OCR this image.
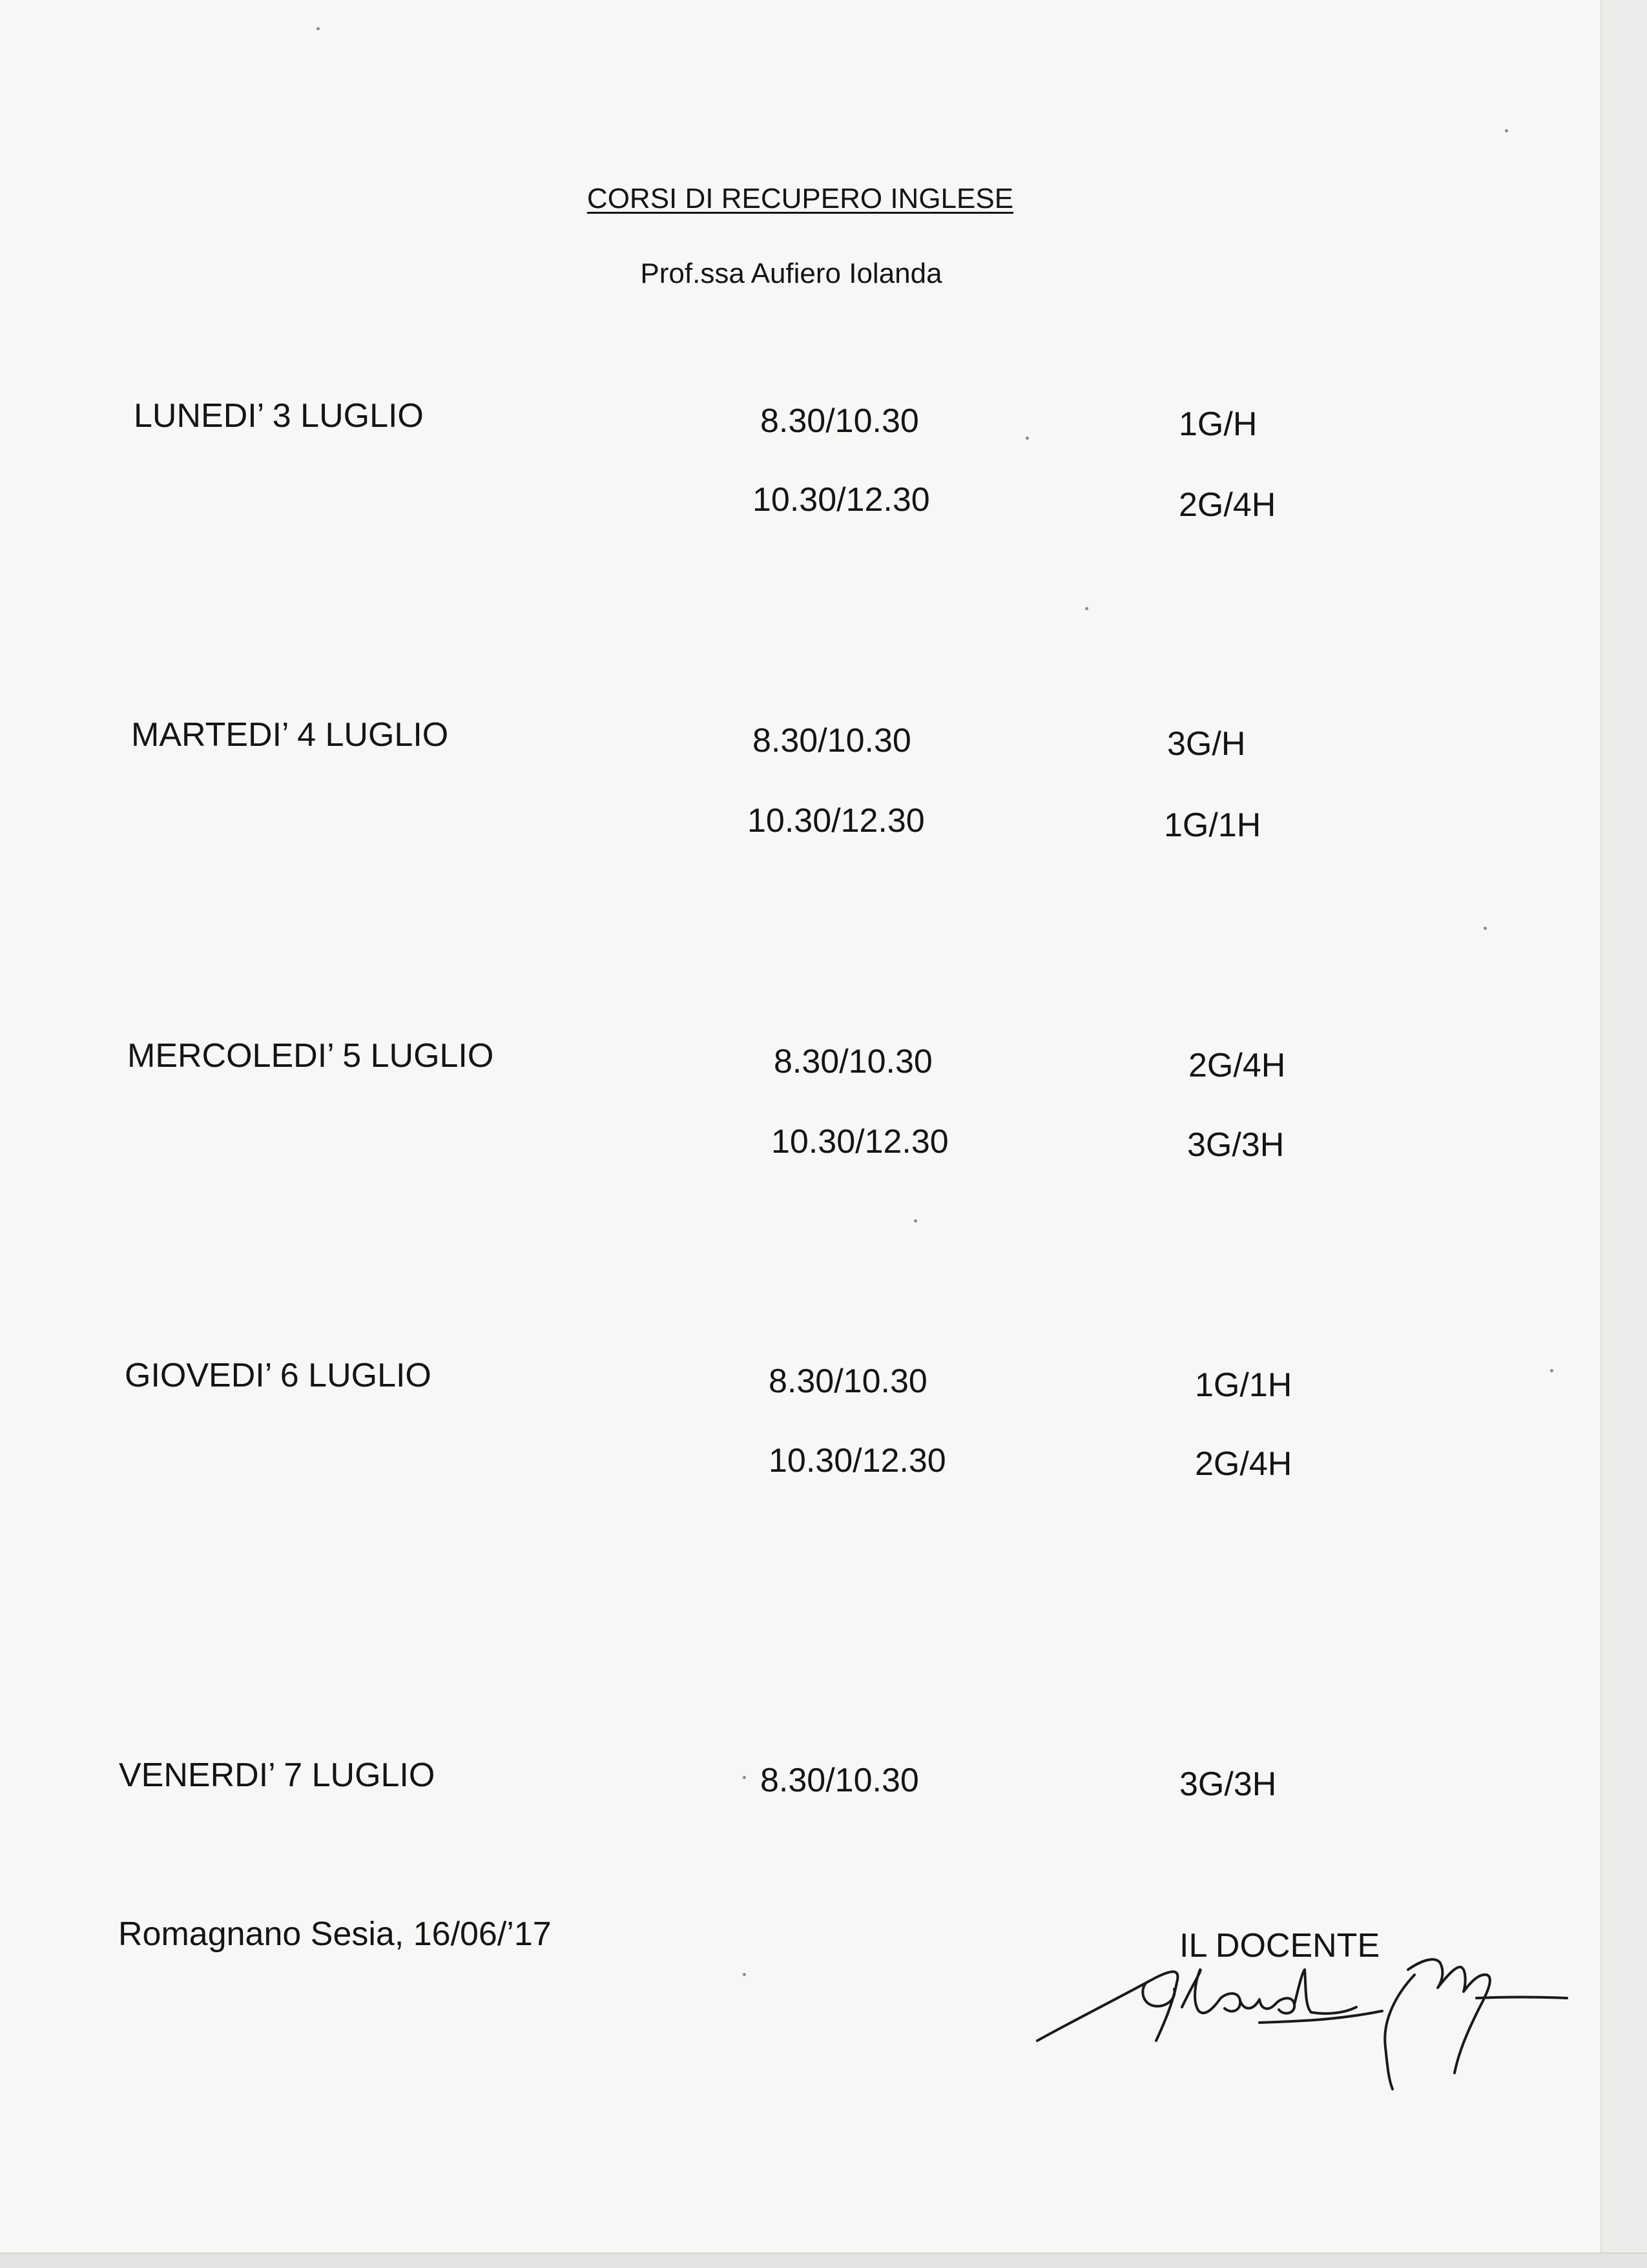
CORSI DI RECUPERO INGLESE
Prof.ssa Aufiero Iolanda
LUNEDI’ 3 LUGLIO	8.30/10.30	1G/H
10.30/12.30	2G/4H
MARTEDI’ 4 LUGLIO	8.30/10.30	3G/H
10.30/12.30	1G/1H
MERCOLEDI’ 5 LUGLIO	8.30/10.30	2G/4H
10.30/12.30	3G/3H
GIOVEDI’ 6 LUGLIO	8.30/10.30	1G/1H
10.30/12.30	2G/4H
VENERDI’ 7 LUGLIO	8.30/10.30	3G/3H
Romagnano Sesia, 16/06/’17	IL DOCENTE
